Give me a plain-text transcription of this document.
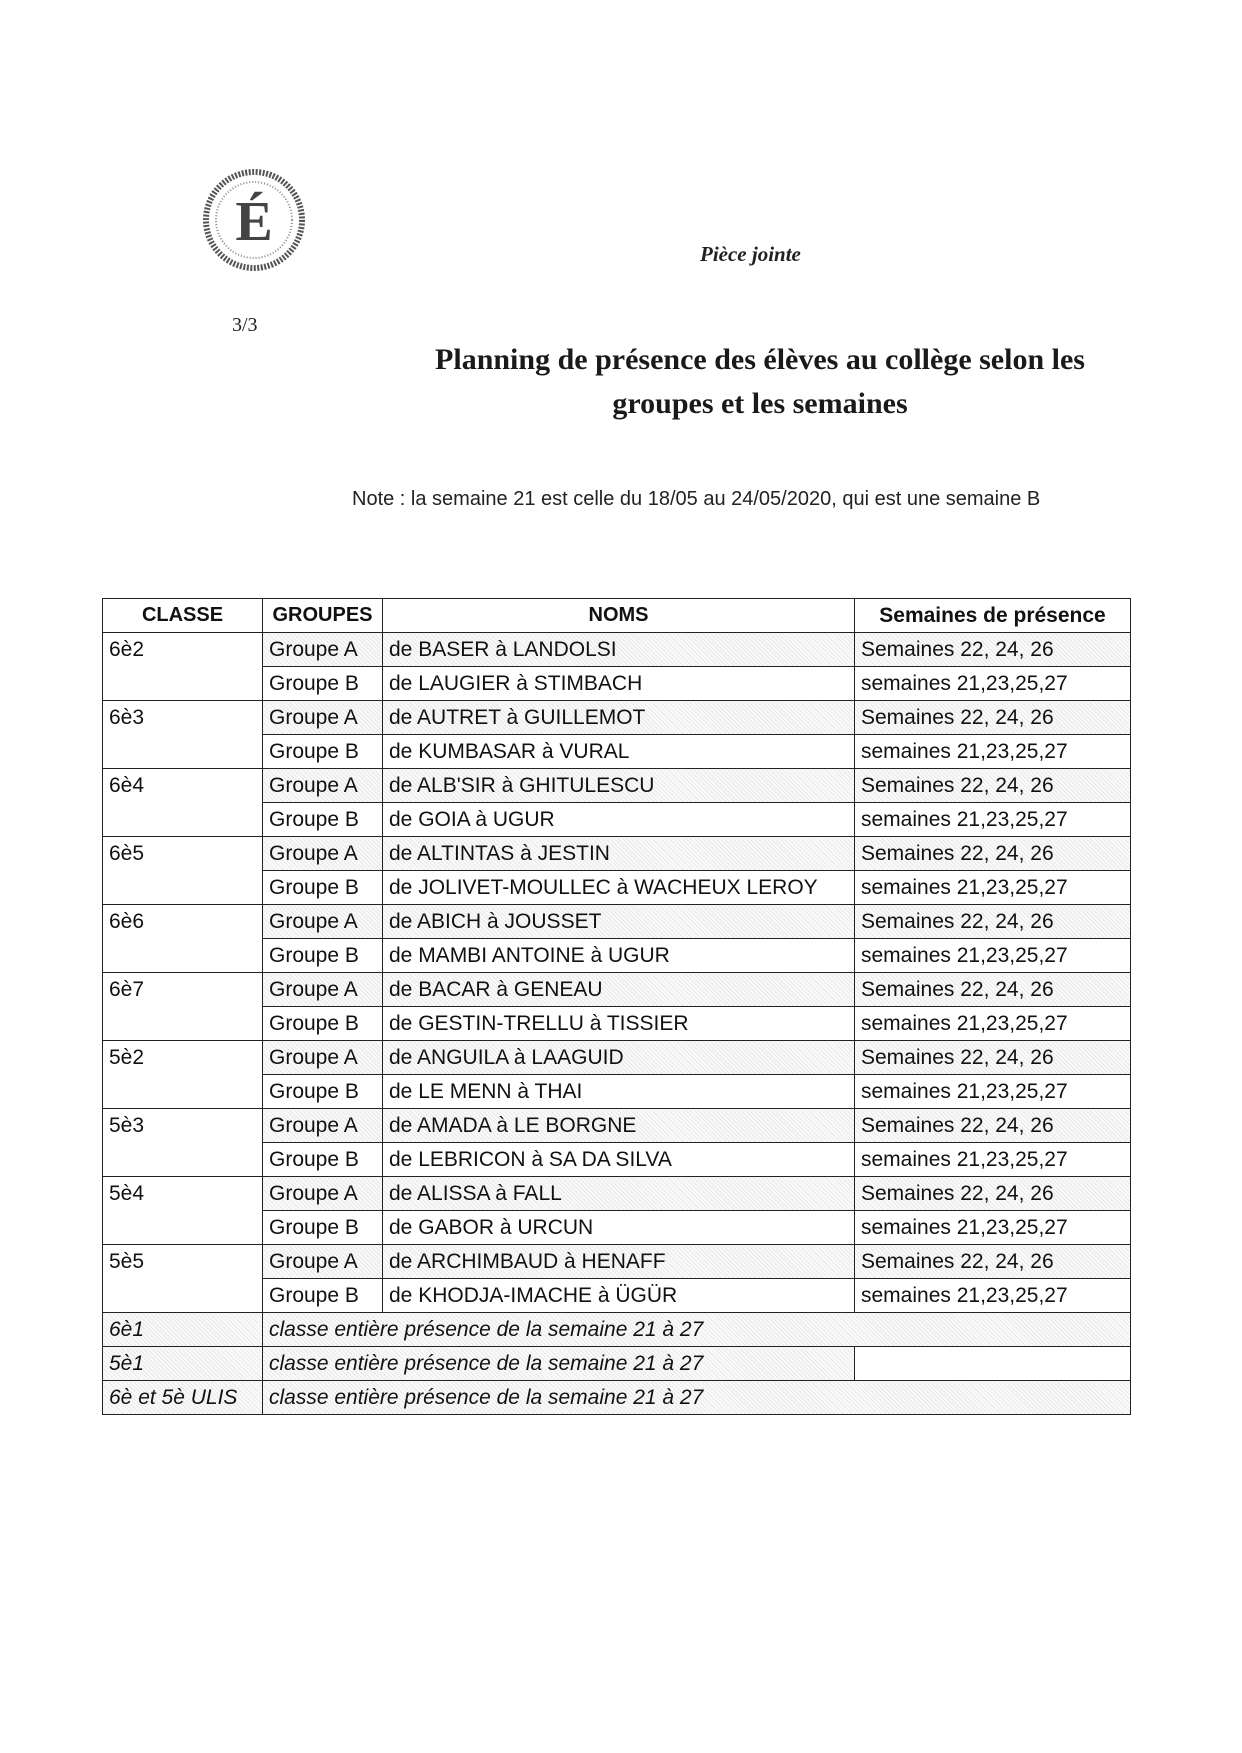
É
Pièce jointe
3/3
Planning de présence des élèves au collège selon les
groupes et les semaines
Note : la semaine 21 est celle du 18/05 au 24/05/2020, qui est une semaine B
CLASSE	GROUPES	NOMS	Semaines de présence
6è2	Groupe A	de BASER à LANDOLSI	Semaines 22, 24, 26
	Groupe B	de LAUGIER à STIMBACH	semaines 21,23,25,27
6è3	Groupe A	de AUTRET à GUILLEMOT	Semaines 22, 24, 26
	Groupe B	de KUMBASAR à VURAL	semaines 21,23,25,27
6è4	Groupe A	de ALB'SIR à GHITULESCU	Semaines 22, 24, 26
	Groupe B	de GOIA à UGUR	semaines 21,23,25,27
6è5	Groupe A	de ALTINTAS à JESTIN	Semaines 22, 24, 26
	Groupe B	de JOLIVET-MOULLEC à WACHEUX LEROY	semaines 21,23,25,27
6è6	Groupe A	de ABICH à JOUSSET	Semaines 22, 24, 26
	Groupe B	de MAMBI ANTOINE à UGUR	semaines 21,23,25,27
6è7	Groupe A	de BACAR à GENEAU	Semaines 22, 24, 26
	Groupe B	de GESTIN-TRELLU à TISSIER	semaines 21,23,25,27
5è2	Groupe A	de ANGUILA à LAAGUID	Semaines 22, 24, 26
	Groupe B	de LE MENN à THAI	semaines 21,23,25,27
5è3	Groupe A	de AMADA à LE BORGNE	Semaines 22, 24, 26
	Groupe B	de LEBRICON à SA DA SILVA	semaines 21,23,25,27
5è4	Groupe A	de ALISSA à FALL	Semaines 22, 24, 26
	Groupe B	de GABOR à URCUN	semaines 21,23,25,27
5è5	Groupe A	de ARCHIMBAUD à HENAFF	Semaines 22, 24, 26
	Groupe B	de KHODJA-IMACHE à ÜGÜR	semaines 21,23,25,27
6è1	classe entière présence de la semaine 21 à 27		
5è1	classe entière présence de la semaine 21 à 27		
6è et 5è ULIS	classe entière présence de la semaine 21 à 27		
